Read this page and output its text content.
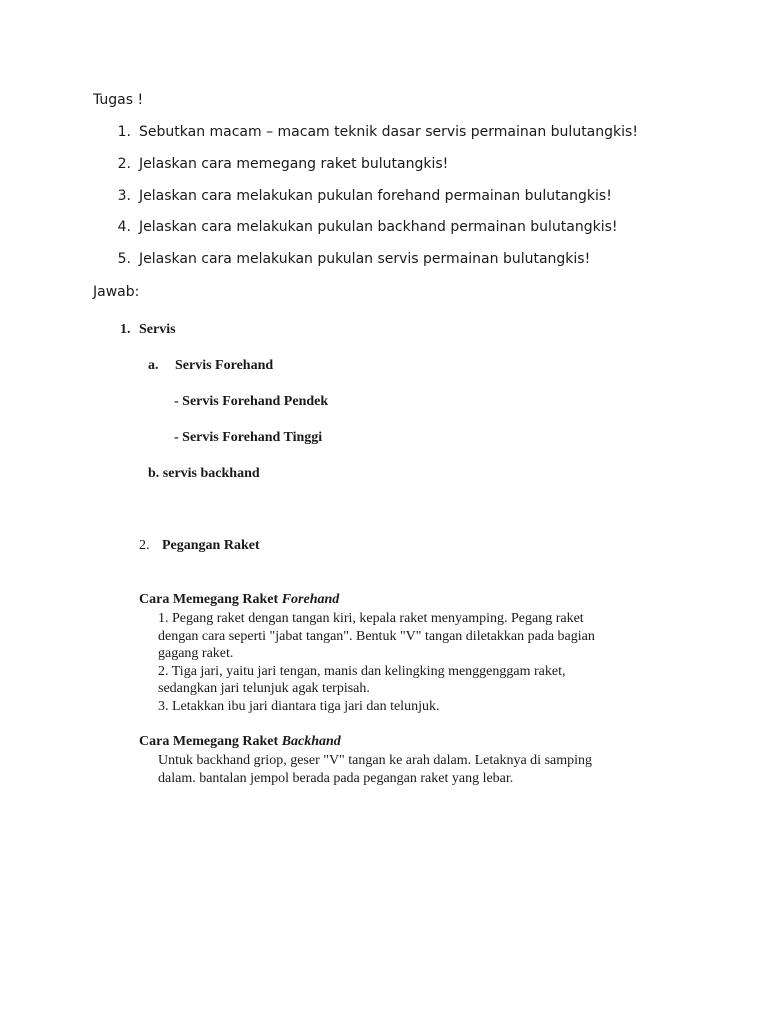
Tugas !
1. Sebutkan macam – macam teknik dasar servis permainan bulutangkis!
2. Jelaskan cara memegang raket bulutangkis!
3. Jelaskan cara melakukan pukulan forehand permainan bulutangkis!
4. Jelaskan cara melakukan pukulan backhand permainan bulutangkis!
5. Jelaskan cara melakukan pukulan servis permainan bulutangkis!
Jawab:
1. Servis
a. Servis Forehand
- Servis Forehand Pendek
- Servis Forehand Tinggi
b. servis backhand
2. Pegangan Raket
Cara Memegang Raket Forehand
1. Pegang raket dengan tangan kiri, kepala raket menyamping. Pegang raket
dengan cara seperti "jabat tangan". Bentuk "V" tangan diletakkan pada bagian
gagang raket.
2. Tiga jari, yaitu jari tengan, manis dan kelingking menggenggam raket,
sedangkan jari telunjuk agak terpisah.
3. Letakkan ibu jari diantara tiga jari dan telunjuk.
Cara Memegang Raket Backhand
Untuk backhand griop, geser "V" tangan ke arah dalam. Letaknya di samping
dalam. bantalan jempol berada pada pegangan raket yang lebar.
